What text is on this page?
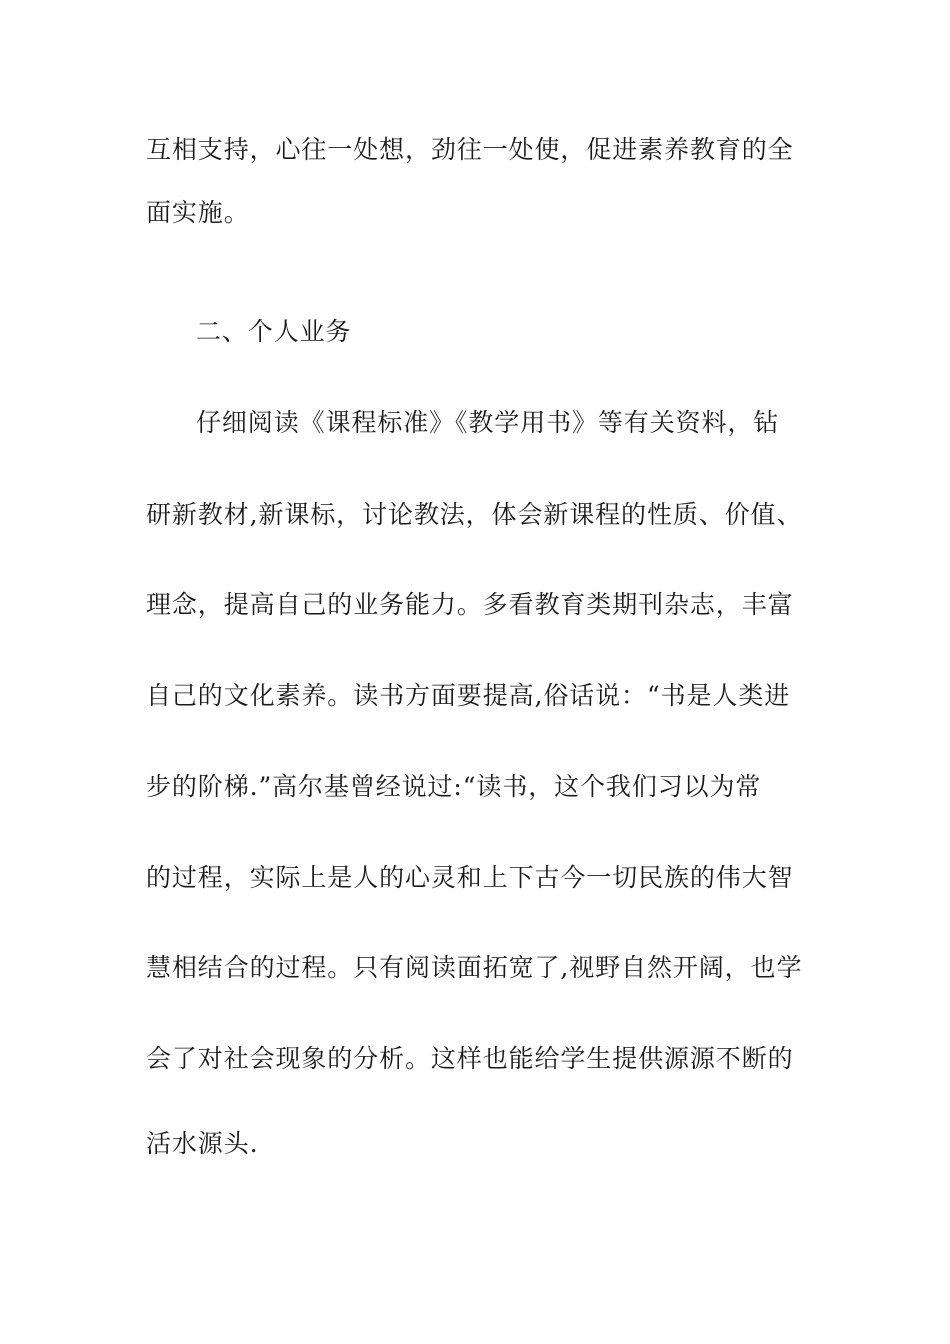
互相支持，心往一处想，劲往一处使，促进素养教育的全
面实施。
二、个人业务
仔细阅读《课程标准》《教学用书》等有关资料，钻
研新教材,新课标，讨论教法，体会新课程的性质、价值、
理念，提高自己的业务能力。多看教育类期刊杂志，丰富
自己的文化素养。读书方面要提高,俗话说：“书是人类进
步的阶梯.”高尔基曾经说过:“读书，这个我们习以为常
的过程，实际上是人的心灵和上下古今一切民族的伟大智
慧相结合的过程。只有阅读面拓宽了,视野自然开阔，也学
会了对社会现象的分析。这样也能给学生提供源源不断的
活水源头.
